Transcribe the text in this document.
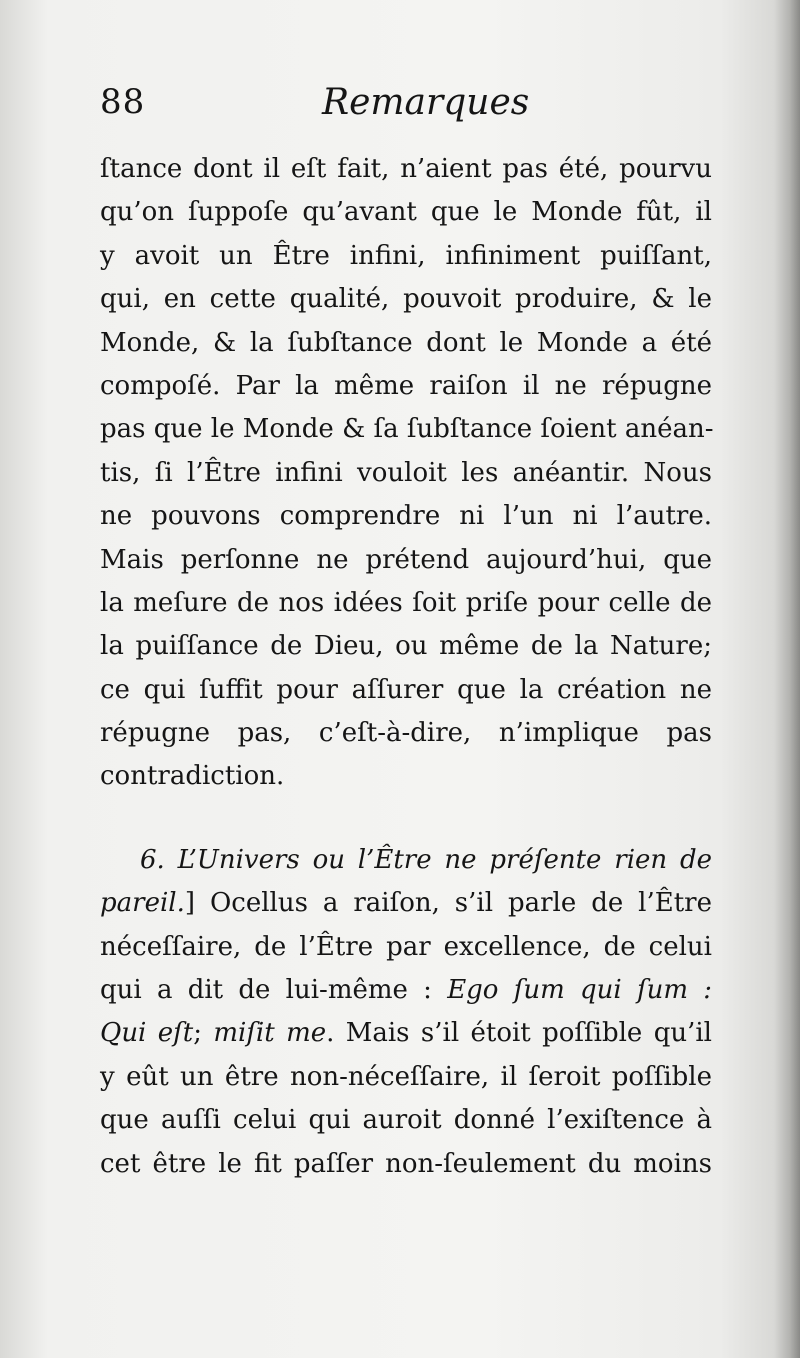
88	Remarques
ſtance dont il eſt fait, n’aient pas été, pourvu
qu’on ſuppoſe qu’avant que le Monde fût, il
y avoit un Être infini, infiniment puiſſant,
qui, en cette qualité, pouvoit produire, & le
Monde, & la ſubſtance dont le Monde a été
compoſé. Par la même raiſon il ne répugne
pas que le Monde & ſa ſubſtance ſoient anéan-
tis, ſi l’Être infini vouloit les anéantir. Nous
ne pouvons comprendre ni l’un ni l’autre.
Mais perſonne ne prétend aujourd’hui, que
la meſure de nos idées ſoit priſe pour celle de
la puiſſance de Dieu, ou même de la Nature;
ce qui ſuffit pour aſſurer que la création ne
répugne pas, c’eſt-à-dire, n’implique pas
contradiction.
6. L’Univers ou l’Être ne préſente rien de
pareil.] Ocellus a raiſon, s’il parle de l’Être
néceſſaire, de l’Être par excellence, de celui
qui a dit de lui-même : Ego ſum qui ſum :
Qui eſt; miſit me. Mais s’il étoit poſſible qu’il
y eût un être non-néceſſaire, il ſeroit poſſible
que auſſi celui qui auroit donné l’exiſtence à
cet être le fit paſſer non-ſeulement du moins
